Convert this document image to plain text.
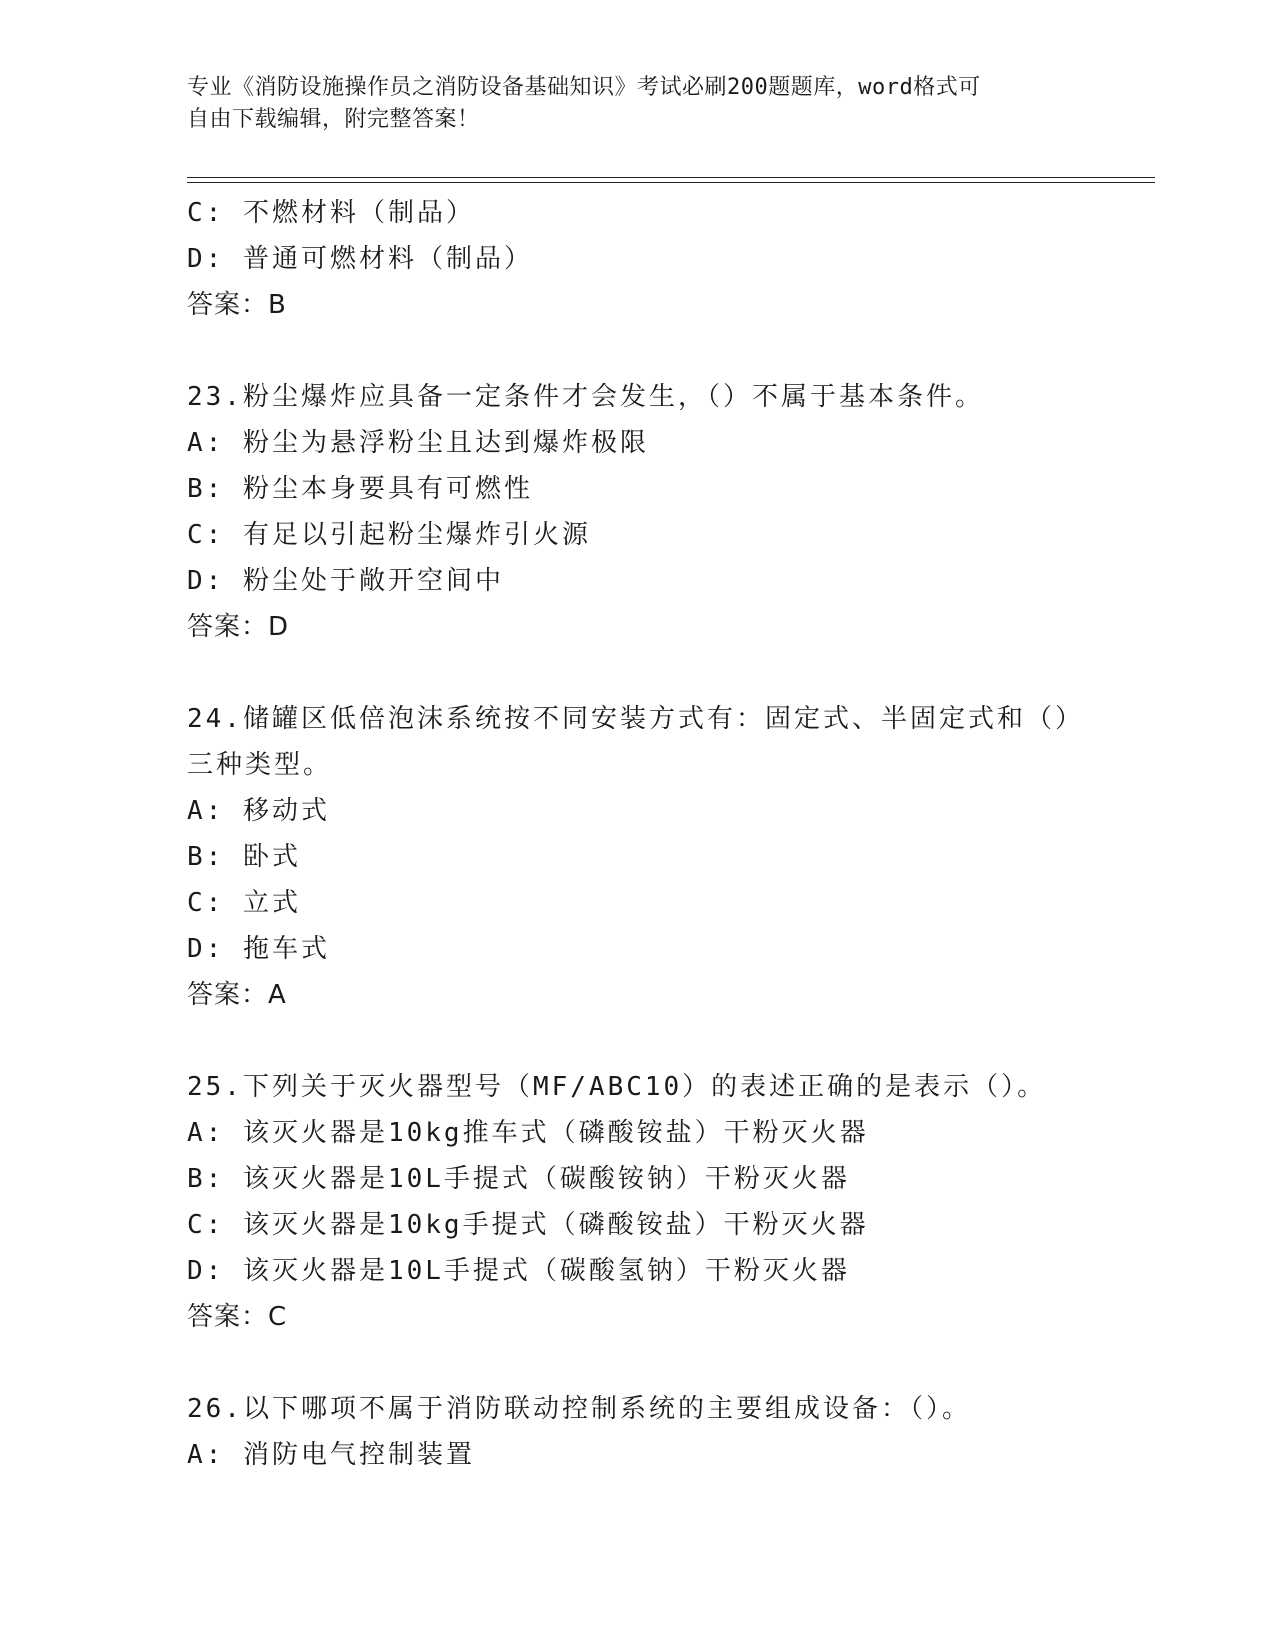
专业《消防设施操作员之消防设备基础知识》考试必刷200题题库，word格式可
自由下载编辑，附完整答案！
C: 不燃材料（制品）
D: 普通可燃材料（制品）
答案：B
23.粉尘爆炸应具备一定条件才会发生，（）不属于基本条件。
A: 粉尘为悬浮粉尘且达到爆炸极限
B: 粉尘本身要具有可燃性
C: 有足以引起粉尘爆炸引火源
D: 粉尘处于敞开空间中
答案：D
24.储罐区低倍泡沫系统按不同安装方式有：固定式、半固定式和（）
三种类型。
A: 移动式
B: 卧式
C: 立式
D: 拖车式
答案：A
25.下列关于灭火器型号（MF/ABC10）的表述正确的是表示（）。
A: 该灭火器是10kg推车式（磷酸铵盐）干粉灭火器
B: 该灭火器是10L手提式（碳酸铵钠）干粉灭火器
C: 该灭火器是10kg手提式（磷酸铵盐）干粉灭火器
D: 该灭火器是10L手提式（碳酸氢钠）干粉灭火器
答案：C
26.以下哪项不属于消防联动控制系统的主要组成设备：（）。
A: 消防电气控制装置
